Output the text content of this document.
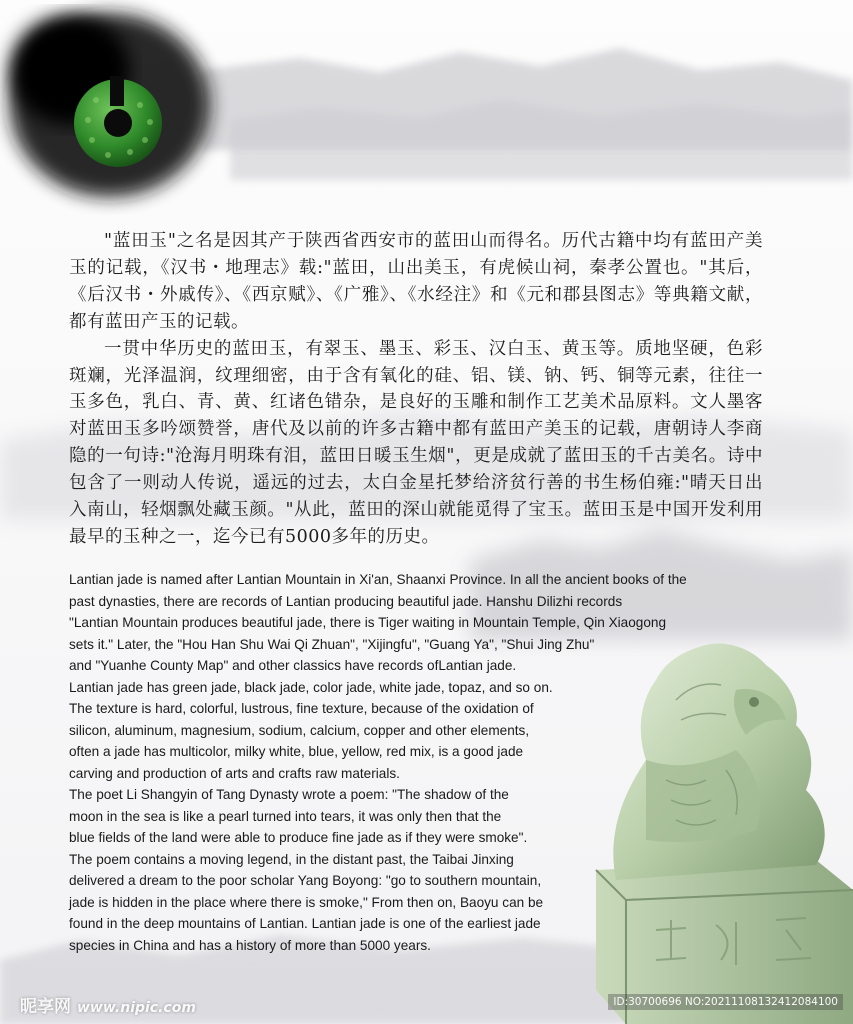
"蓝田玉"之名是因其产于陕西省西安市的蓝田山而得名。历代古籍中均有蓝田产美玉的记载，《汉书・地理志》载:"蓝田，山出美玉，有虎候山祠，秦孝公置也。"其后，《后汉书・外戚传》、《西京赋》、《广雅》、《水经注》和《元和郡县图志》等典籍文献，都有蓝田产玉的记载。

一贯中华历史的蓝田玉，有翠玉、墨玉、彩玉、汉白玉、黄玉等。质地坚硬，色彩斑斓，光泽温润，纹理细密，由于含有氧化的硅、铝、镁、钠、钙、铜等元素，往往一玉多色，乳白、青、黄、红诸色错杂，是良好的玉雕和制作工艺美术品原料。文人墨客对蓝田玉多吟颂赞誉，唐代及以前的许多古籍中都有蓝田产美玉的记载，唐朝诗人李商隐的一句诗:"沧海月明珠有泪，蓝田日暖玉生烟"，更是成就了蓝田玉的千古美名。诗中包含了一则动人传说，遥远的过去，太白金星托梦给济贫行善的书生杨伯雍:"晴天日出入南山，轻烟飘处藏玉颜。"从此，蓝田的深山就能觅得了宝玉。蓝田玉是中国开发利用最早的玉种之一，迄今已有5000多年的历史。

Lantian jade is named after Lantian Mountain in Xi'an, Shaanxi Province. In all the ancient books of the
past dynasties, there are records of Lantian producing beautiful jade. Hanshu Dilizhi records
"Lantian Mountain produces beautiful jade, there is Tiger waiting in Mountain Temple, Qin Xiaogong
sets it." Later, the "Hou Han Shu Wai Qi Zhuan", "Xijingfu", "Guang Ya", "Shui Jing Zhu"
and "Yuanhe County Map" and other classics have records ofLantian jade.
Lantian jade has green jade, black jade, color jade, white jade, topaz, and so on.
The texture is hard, colorful, lustrous, fine texture, because of the oxidation of
silicon, aluminum, magnesium, sodium, calcium, copper and other elements,
often a jade has multicolor, milky white, blue, yellow, red mix, is a good jade
carving and production of arts and crafts raw materials.
The poet Li Shangyin of Tang Dynasty wrote a poem: "The shadow of the
moon in the sea is like a pearl turned into tears, it was only then that the
blue fields of the land were able to produce fine jade as if they were smoke".
The poem contains a moving legend, in the distant past, the Taibai Jinxing
delivered a dream to the poor scholar Yang Boyong: "go to southern mountain,
jade is hidden in the place where there is smoke," From then on, Baoyu can be
found in the deep mountains of Lantian. Lantian jade is one of the earliest jade
species in China and has a history of more than 5000 years.
昵享网 www.nipic.com	ID:30700696 NO:20211108132412084100
